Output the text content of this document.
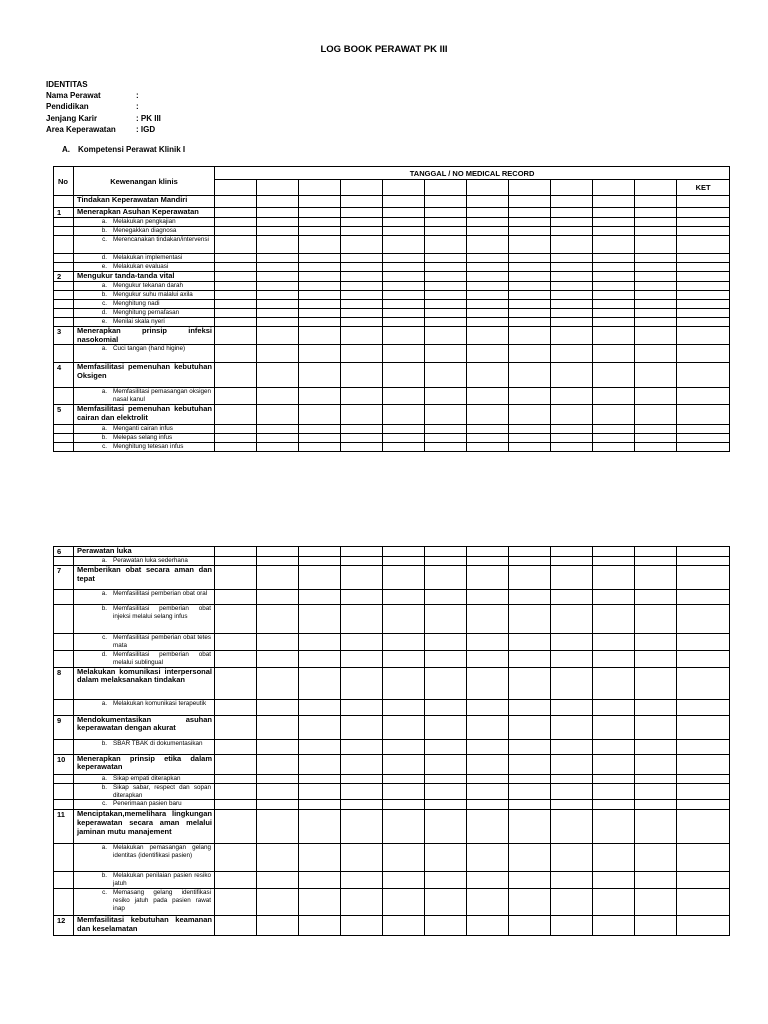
LOG BOOK PERAWAT PK III
IDENTITAS
Nama Perawat	:
Pendidikan	:
Jenjang Karir	: PK III
Area Keperawatan	: IGD
A. Kompetensi Perawat Klinik I
No	Kewenangan klinis	TANGGAL / NO MEDICAL RECORD											
													KET
	Tindakan Keperawatan Mandiri												
1	Menerapkan Asuhan Keperawatan												

	a. Melakukan pengkajian												

	b. Menegakkan diagnosa												

	c. Merencanakan tindakan/intervensi												

	d. Melakukan implementasi												

	e. Melakukan evaluasi												

2	Mengukur tanda-tanda vital												

	a. Mengukur tekanan darah												

	b. Mengukur suhu malalui axila												

	c. Menghitung nadi												

	d. Menghitung pernafasan												

	e. Menilai skala nyeri												

3	Menerapkan prinsip infeksi nasokomial												

	a. Cuci tangan (hand higine)												

4	Memfasilitasi pemenuhan kebutuhan Oksigen												

	a. Memfasilitasi pemasangan oksigen nasal kanul												

5	Memfasilitasi pemenuhan kebutuhan cairan dan elektrolit												

	a. Menganti cairan infus												

	b. Melepas selang infus												

	c. Menghitung tetesan infus												

6	Perawatan luka												

	a. Perawatan luka sederhana												

7	Memberikan obat secara aman dan tepat												

	a. Memfasilitasi pemberian obat oral												

	b. Memfasilitasi pemberian obat injeksi melalui selang infus												

	c. Memfasilitasi pemberian obat tetes mata												

	d. Memfasilitasi pemberian obat melalui sublingual												

8	Melakukan komunikasi interpersonal dalam melaksanakan tindakan												

	a. Melakukan komunikasi terapeutik												

9	Mendokumentasikan asuhan keperawatan dengan akurat												

	b. SBAR TBAK di dokumentasikan												

10	Menerapkan prinsip etika dalam keperawatan												

	a. Sikap empati diterapkan												

	b. Sikap sabar, respect dan sopan diterapkan												

	c. Penerimaan pasien baru												

11	Menciptakan,memelihara lingkungan keperawatan secara aman melalui jaminan mutu manajement												

	a. Melakukan pemasangan gelang identitas (identifikasi pasien)												

	b. Melakukan penilaian pasien resiko jatuh												

	c. Memasang gelang identifikasi resiko jatuh pada pasien rawat inap												

12	Memfasilitasi kebutuhan keamanan dan keselamatan												
